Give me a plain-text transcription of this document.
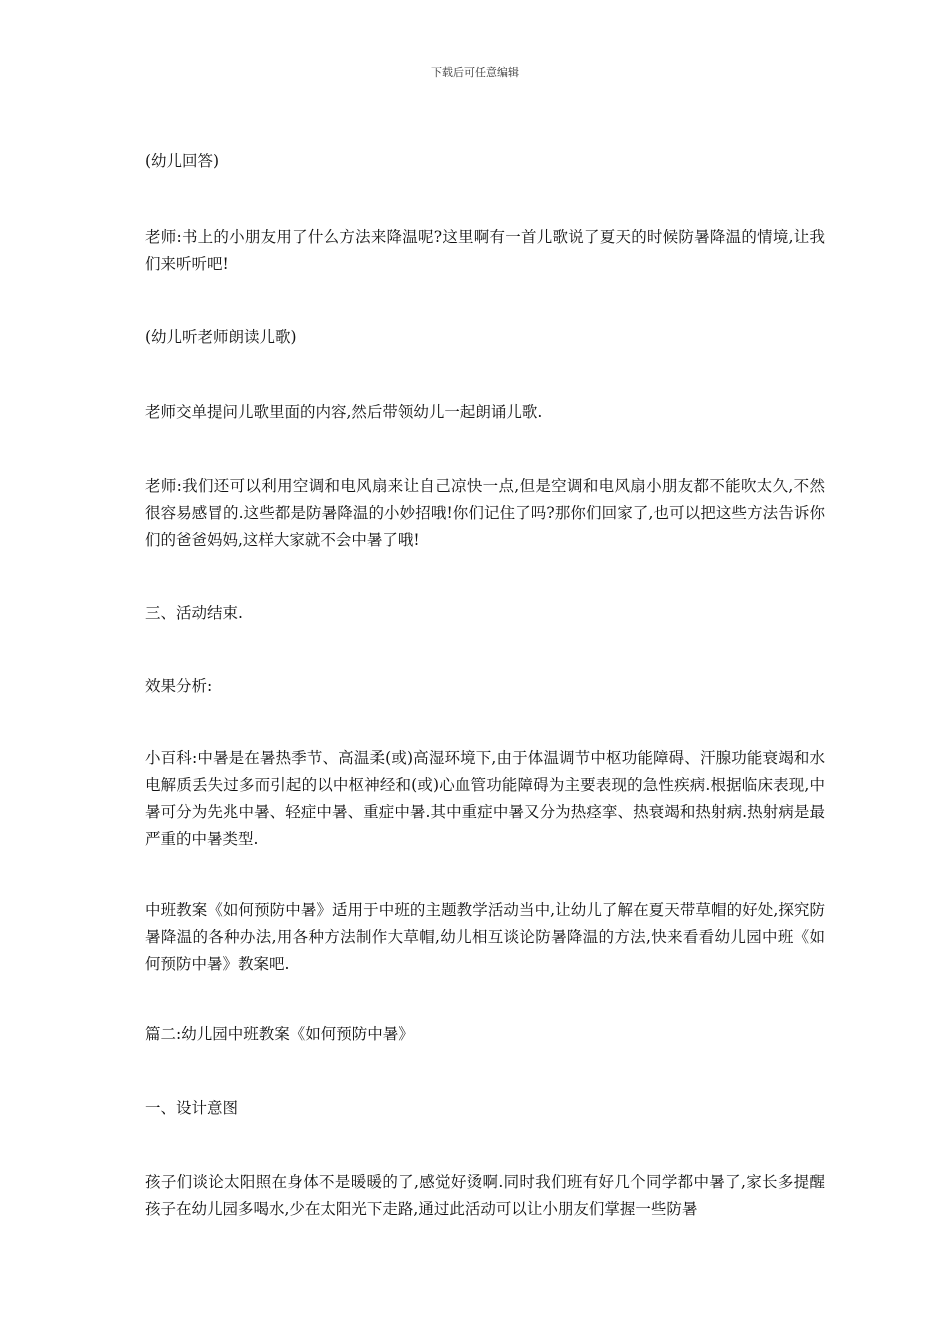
下载后可任意编辑

(幼儿回答)

老师:书上的小朋友用了什么方法来降温呢?这里啊有一首儿歌说了夏天的时候防暑降温的情境,让我们来听听吧!

(幼儿听老师朗读儿歌)

老师交单提问儿歌里面的内容,然后带领幼儿一起朗诵儿歌.

老师:我们还可以利用空调和电风扇来让自己凉快一点,但是空调和电风扇小朋友都不能吹太久,不然很容易感冒的.这些都是防暑降温的小妙招哦!你们记住了吗?那你们回家了,也可以把这些方法告诉你们的爸爸妈妈,这样大家就不会中暑了哦!

三、活动结束.

效果分析:

小百科:中暑是在暑热季节、高温柔(或)高湿环境下,由于体温调节中枢功能障碍、汗腺功能衰竭和水电解质丢失过多而引起的以中枢神经和(或)心血管功能障碍为主要表现的急性疾病.根据临床表现,中暑可分为先兆中暑、轻症中暑、重症中暑.其中重症中暑又分为热痉挛、热衰竭和热射病.热射病是最严重的中暑类型.

中班教案《如何预防中暑》适用于中班的主题教学活动当中,让幼儿了解在夏天带草帽的好处,探究防暑降温的各种办法,用各种方法制作大草帽,幼儿相互谈论防暑降温的方法,快来看看幼儿园中班《如何预防中暑》教案吧.

篇二:幼儿园中班教案《如何预防中暑》

一、设计意图

孩子们谈论太阳照在身体不是暖暖的了,感觉好烫啊.同时我们班有好几个同学都中暑了,家长多提醒孩子在幼儿园多喝水,少在太阳光下走路,通过此活动可以让小朋友们掌握一些防暑
